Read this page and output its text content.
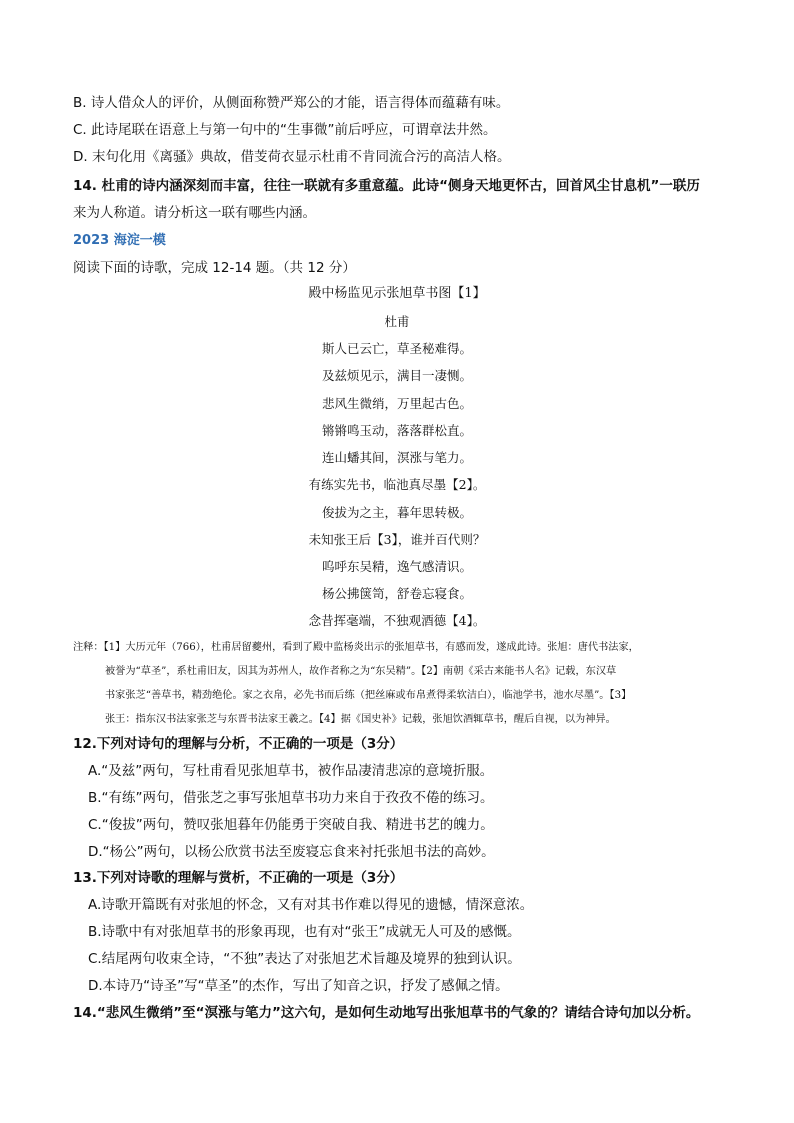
B. 诗人借众人的评价，从侧面称赞严郑公的才能，语言得体而蕴藉有味。
C. 此诗尾联在语意上与第一句中的“生事微”前后呼应，可谓章法井然。
D. 末句化用《离骚》典故，借芰荷衣显示杜甫不肯同流合污的高洁人格。
14. 杜甫的诗内涵深刻而丰富，往往一联就有多重意蕴。此诗“侧身天地更怀古，回首风尘甘息机”一联历
来为人称道。请分析这一联有哪些内涵。
2023 海淀一模
阅读下面的诗歌，完成 12-14 题。（共 12 分）
殿中杨监见示张旭草书图【1】
杜甫
斯人已云亡，草圣秘难得。
及兹烦见示，满目一凄恻。
悲风生微绡，万里起古色。
锵锵鸣玉动，落落群松直。
连山蟠其间，溟涨与笔力。
有练实先书，临池真尽墨【2】。
俊拔为之主，暮年思转极。
未知张王后【3】，谁并百代则？
呜呼东吴精，逸气感清识。
杨公拂箧笥，舒卷忘寝食。
念昔挥毫端，不独观酒德【4】。
注释：【1】大历元年（766），杜甫居留夔州，看到了殿中监杨炎出示的张旭草书，有感而发，遂成此诗。张旭：唐代书法家，
被誉为“草圣”，系杜甫旧友，因其为苏州人，故作者称之为“东吴精”。【2】南朝《采古来能书人名》记载，东汉草
书家张芝“善草书，精劲绝伦。家之衣帛，必先书而后练（把丝麻或布帛煮得柔软洁白），临池学书，池水尽墨”。【3】
张王：指东汉书法家张芝与东晋书法家王羲之。【4】据《国史补》记载，张旭饮酒辄草书，醒后自视，以为神异。
12.下列对诗句的理解与分析，不正确的一项是（3分）
A.“及兹”两句，写杜甫看见张旭草书，被作品凄清悲凉的意境折服。
B.“有练”两句，借张芝之事写张旭草书功力来自于孜孜不倦的练习。
C.“俊拔”两句，赞叹张旭暮年仍能勇于突破自我、精进书艺的魄力。
D.“杨公”两句，以杨公欣赏书法至废寝忘食来衬托张旭书法的高妙。
13.下列对诗歌的理解与赏析，不正确的一项是（3分）
A.诗歌开篇既有对张旭的怀念，又有对其书作难以得见的遗憾，情深意浓。
B.诗歌中有对张旭草书的形象再现，也有对“张王”成就无人可及的感慨。
C.结尾两句收束全诗，“不独”表达了对张旭艺术旨趣及境界的独到认识。
D.本诗乃“诗圣”写“草圣”的杰作，写出了知音之识，抒发了感佩之情。
14.“悲风生微绡”至“溟涨与笔力”这六句，是如何生动地写出张旭草书的气象的？请结合诗句加以分析。
